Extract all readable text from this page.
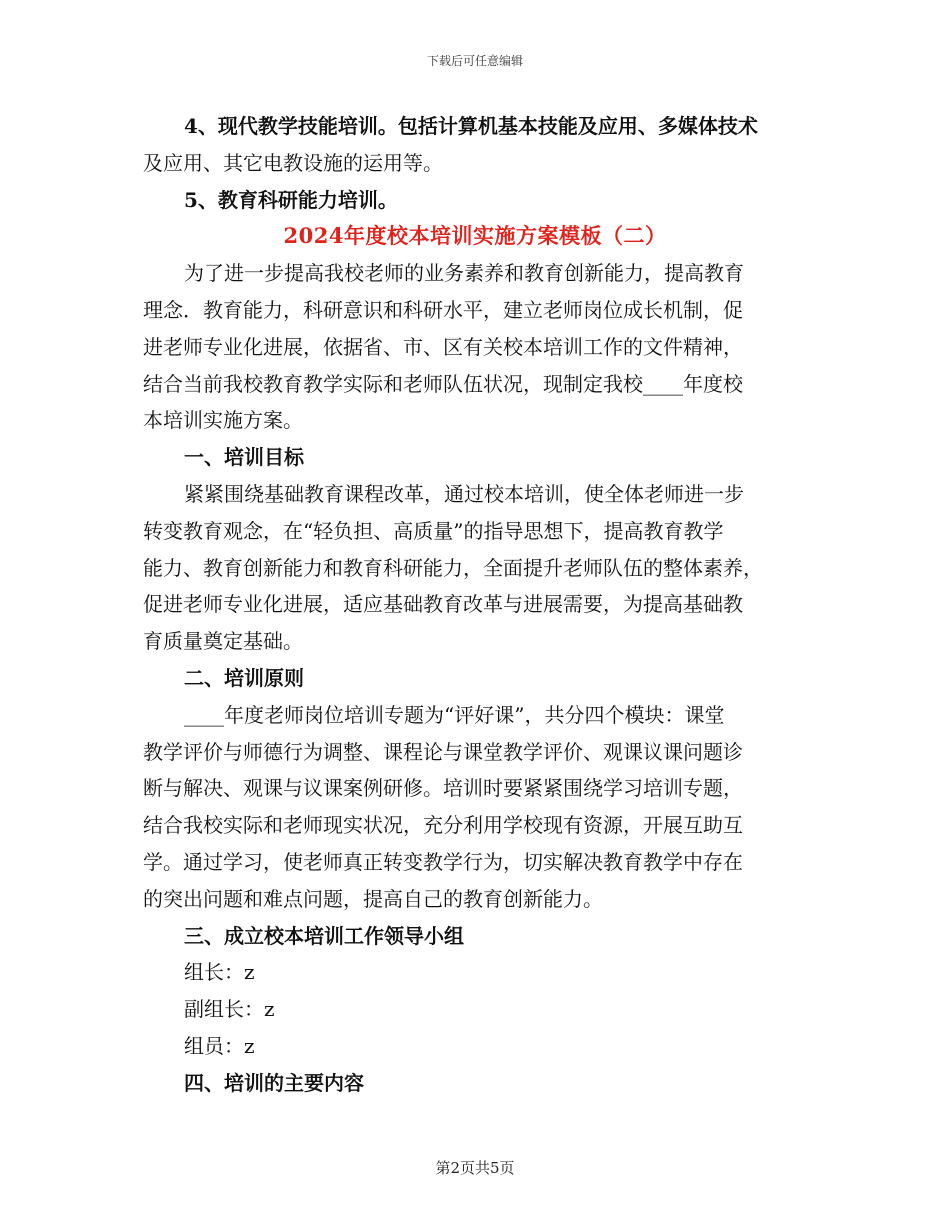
下载后可任意编辑
4、现代教学技能培训。包括计算机基本技能及应用、多媒体技术
及应用、其它电教设施的运用等。
5、教育科研能力培训。
2024年度校本培训实施方案模板（二）
为了进一步提高我校老师的业务素养和教育创新能力，提高教育
理念．教育能力，科研意识和科研水平，建立老师岗位成长机制，促
进老师专业化进展，依据省、市、区有关校本培训工作的文件精神，
结合当前我校教育教学实际和老师队伍状况，现制定我校____年度校
本培训实施方案。
一、培训目标
紧紧围绕基础教育课程改革，通过校本培训，使全体老师进一步
转变教育观念，在“轻负担、高质量”的指导思想下，提高教育教学
能力、教育创新能力和教育科研能力，全面提升老师队伍的整体素养，
促进老师专业化进展，适应基础教育改革与进展需要，为提高基础教
育质量奠定基础。
二、培训原则
____年度老师岗位培训专题为“评好课”，共分四个模块：课堂
教学评价与师德行为调整、课程论与课堂教学评价、观课议课问题诊
断与解决、观课与议课案例研修。培训时要紧紧围绕学习培训专题，
结合我校实际和老师现实状况，充分利用学校现有资源，开展互助互
学。通过学习，使老师真正转变教学行为，切实解决教育教学中存在
的突出问题和难点问题，提高自己的教育创新能力。
三、成立校本培训工作领导小组
组长：z
副组长：z
组员：z
四、培训的主要内容
第2页共5页
